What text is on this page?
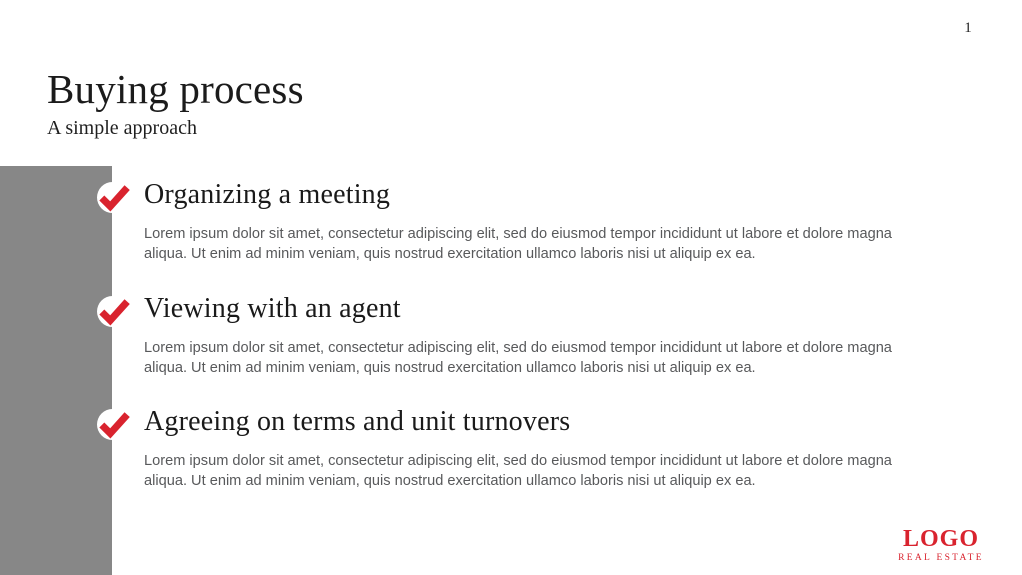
1
Buying process
A simple approach
Organizing a meeting
Lorem ipsum dolor sit amet, consectetur adipiscing elit, sed do eiusmod tempor incididunt ut labore et dolore magna
aliqua. Ut enim ad minim veniam, quis nostrud exercitation ullamco laboris nisi ut aliquip ex ea.
Viewing with an agent
Lorem ipsum dolor sit amet, consectetur adipiscing elit, sed do eiusmod tempor incididunt ut labore et dolore magna
aliqua. Ut enim ad minim veniam, quis nostrud exercitation ullamco laboris nisi ut aliquip ex ea.
Agreeing on terms and unit turnovers
Lorem ipsum dolor sit amet, consectetur adipiscing elit, sed do eiusmod tempor incididunt ut labore et dolore magna
aliqua. Ut enim ad minim veniam, quis nostrud exercitation ullamco laboris nisi ut aliquip ex ea.
LOGO
REAL ESTATE
